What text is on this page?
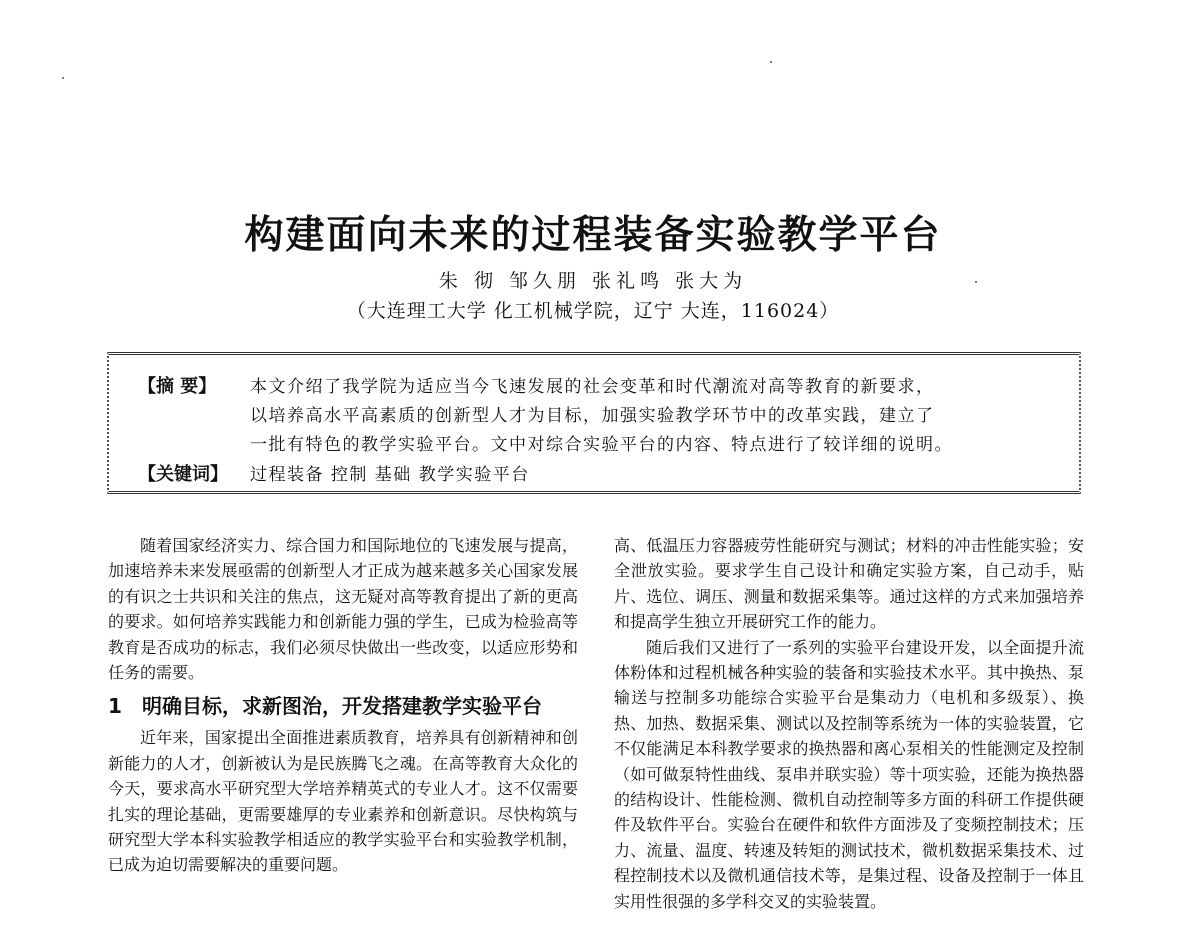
构建面向未来的过程装备实验教学平台

朱 彻 邹久朋 张礼鸣 张大为

（大连理工大学 化工机械学院，辽宁 大连，116024）

【摘 要】 本文介绍了我学院为适应当今飞速发展的社会变革和时代潮流对高等教育的新要求，

以培养高水平高素质的创新型人才为目标，加强实验教学环节中的改革实践，建立了

一批有特色的教学实验平台。文中对综合实验平台的内容、特点进行了较详细的说明。

【关键词】 过程装备 控制 基础 教学实验平台

随着国家经济实力、综合国力和国际地位的飞速发展与提高，加速培养未来发展亟需的创新型人才正成为越来越多关心国家发展的有识之士共识和关注的焦点，这无疑对高等教育提出了新的更高的要求。如何培养实践能力和创新能力强的学生，已成为检验高等教育是否成功的标志，我们必须尽快做出一些改变，以适应形势和任务的需要。

1	明确目标，求新图治，开发搭建教学实验平台

近年来，国家提出全面推进素质教育，培养具有创新精神和创新能力的人才，创新被认为是民族腾飞之魂。在高等教育大众化的今天，要求高水平研究型大学培养精英式的专业人才。这不仅需要扎实的理论基础，更需要雄厚的专业素养和创新意识。尽快构筑与研究型大学本科实验教学相适应的教学实验平台和实验教学机制，已成为迫切需要解决的重要问题。

高、低温压力容器疲劳性能研究与测试；材料的冲击性能实验；安全泄放实验。要求学生自己设计和确定实验方案，自己动手，贴片、选位、调压、测量和数据采集等。通过这样的方式来加强培养和提高学生独立开展研究工作的能力。

随后我们又进行了一系列的实验平台建设开发，以全面提升流体粉体和过程机械各种实验的装备和实验技术水平。其中换热、泵输送与控制多功能综合实验平台是集动力（电机和多级泵）、换热、加热、数据采集、测试以及控制等系统为一体的实验装置，它不仅能满足本科教学要求的换热器和离心泵相关的性能测定及控制（如可做泵特性曲线、泵串并联实验）等十项实验，还能为换热器的结构设计、性能检测、微机自动控制等多方面的科研工作提供硬件及软件平台。实验台在硬件和软件方面涉及了变频控制技术；压力、流量、温度、转速及转矩的测试技术，微机数据采集技术、过程控制技术以及微机通信技术等，是集过程、设备及控制于一体且实用性很强的多学科交叉的实验装置。
